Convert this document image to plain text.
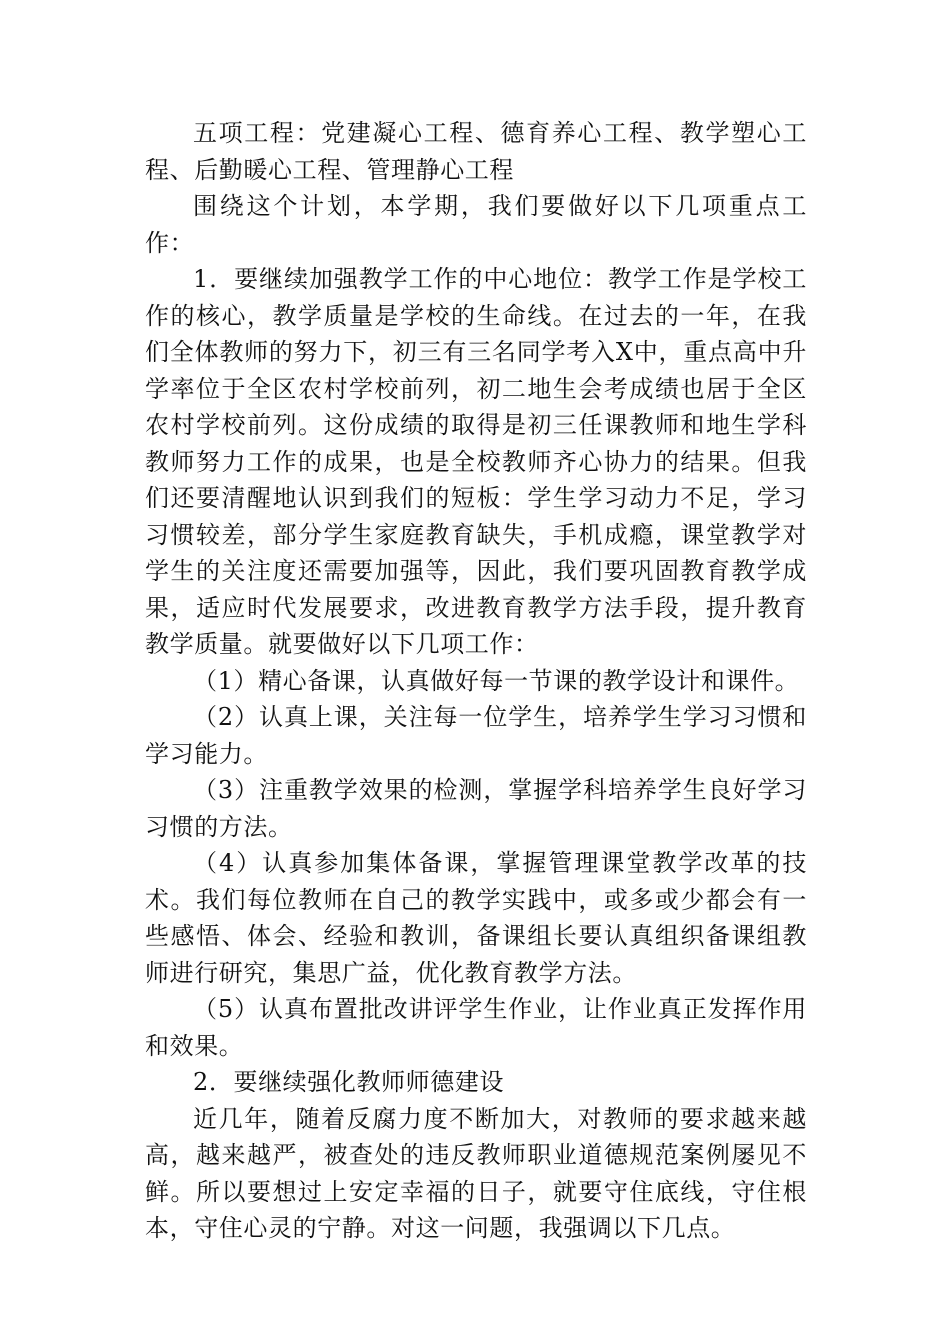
五项工程：党建凝心工程、德育养心工程、教学塑心工程、后勤暖心工程、管理静心工程

围绕这个计划，本学期，我们要做好以下几项重点工作：

1．要继续加强教学工作的中心地位：教学工作是学校工作的核心，教学质量是学校的生命线。在过去的一年，在我们全体教师的努力下，初三有三名同学考入X中，重点高中升学率位于全区农村学校前列，初二地生会考成绩也居于全区农村学校前列。这份成绩的取得是初三任课教师和地生学科教师努力工作的成果，也是全校教师齐心协力的结果。但我们还要清醒地认识到我们的短板：学生学习动力不足，学习习惯较差，部分学生家庭教育缺失，手机成瘾，课堂教学对学生的关注度还需要加强等，因此，我们要巩固教育教学成果，适应时代发展要求，改进教育教学方法手段，提升教育教学质量。就要做好以下几项工作：

（1）精心备课，认真做好每一节课的教学设计和课件。

（2）认真上课，关注每一位学生，培养学生学习习惯和学习能力。

（3）注重教学效果的检测，掌握学科培养学生良好学习习惯的方法。

（4）认真参加集体备课，掌握管理课堂教学改革的技术。我们每位教师在自己的教学实践中，或多或少都会有一些感悟、体会、经验和教训，备课组长要认真组织备课组教师进行研究，集思广益，优化教育教学方法。

（5）认真布置批改讲评学生作业，让作业真正发挥作用和效果。

2．要继续强化教师师德建设

近几年，随着反腐力度不断加大，对教师的要求越来越高，越来越严，被查处的违反教师职业道德规范案例屡见不鲜。所以要想过上安定幸福的日子，就要守住底线，守住根本，守住心灵的宁静。对这一问题，我强调以下几点。
